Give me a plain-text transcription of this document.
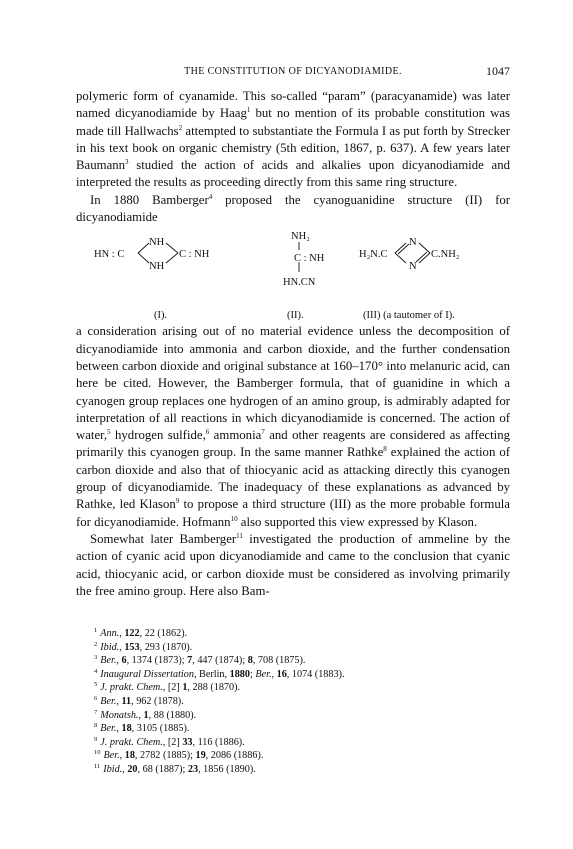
THE CONSTITUTION OF DICYANODIAMIDE.	1047

polymeric form of cyanamide. This so-called “param” (paracyanamide) was later named dicyanodiamide by Haag$^1$ but no mention of its probable constitution was made till Hallwachs$^2$ attempted to substantiate the Formula I as put forth by Strecker in his text book on organic chemistry (5th edition, 1867, p. 637). A few years later Baumann$^3$ studied the action of acids and alkalies upon dicyanodiamide and interpreted the results as proceeding directly from this same ring structure.

In 1880 Bamberger$^4$ proposed the cyanoguanidine structure (II) for dicyanodiamide

HN : C	C : NH
NH
NH
NH₂
C : NH
HN.CN
H₂N.C	C.NH₂
N
N
(I).	(II).	(III) (a tautomer of I).

a consideration arising out of no material evidence unless the decomposition of dicyanodiamide into ammonia and carbon dioxide, and the further condensation between carbon dioxide and original substance at 160–170° into melanuric acid, can here be cited. However, the Bamberger formula, that of guanidine in which a cyanogen group replaces one hydrogen of an amino group, is admirably adapted for interpretation of all reactions in which dicyanodiamide is concerned. The action of water,$^5$ hydrogen sulfide,$^6$ ammonia$^7$ and other reagents are considered as affecting primarily this cyanogen group. In the same manner Rathke$^8$ explained the action of carbon dioxide and also that of thiocyanic acid as attacking directly this cyanogen group of dicyanodiamide. The inadequacy of these explanations as advanced by Rathke, led Klason$^9$ to propose a third structure (III) as the more probable formula for dicyanodiamide. Hofmann$^{10}$ also supported this view expressed by Klason.

Somewhat later Bamberger$^{11}$ investigated the production of ammeline by the action of cyanic acid upon dicyanodiamide and came to the conclusion that cyanic acid, thiocyanic acid, or carbon dioxide must be considered as involving primarily the free amino group. Here also Bam-

$^1$ Ann., 122, 22 (1862).
$^2$ Ibid., 153, 293 (1870).
$^3$ Ber., 6, 1374 (1873); 7, 447 (1874); 8, 708 (1875).
$^4$ Inaugural Dissertation, Berlin, 1880; Ber., 16, 1074 (1883).
$^5$ J. prakt. Chem., [2] 1, 288 (1870).
$^6$ Ber., 11, 962 (1878).
$^7$ Monatsh., 1, 88 (1880).
$^8$ Ber., 18, 3105 (1885).
$^9$ J. prakt. Chem., [2] 33, 116 (1886).
$^{10}$ Ber., 18, 2782 (1885); 19, 2086 (1886).
$^{11}$ Ibid., 20, 68 (1887); 23, 1856 (1890).
